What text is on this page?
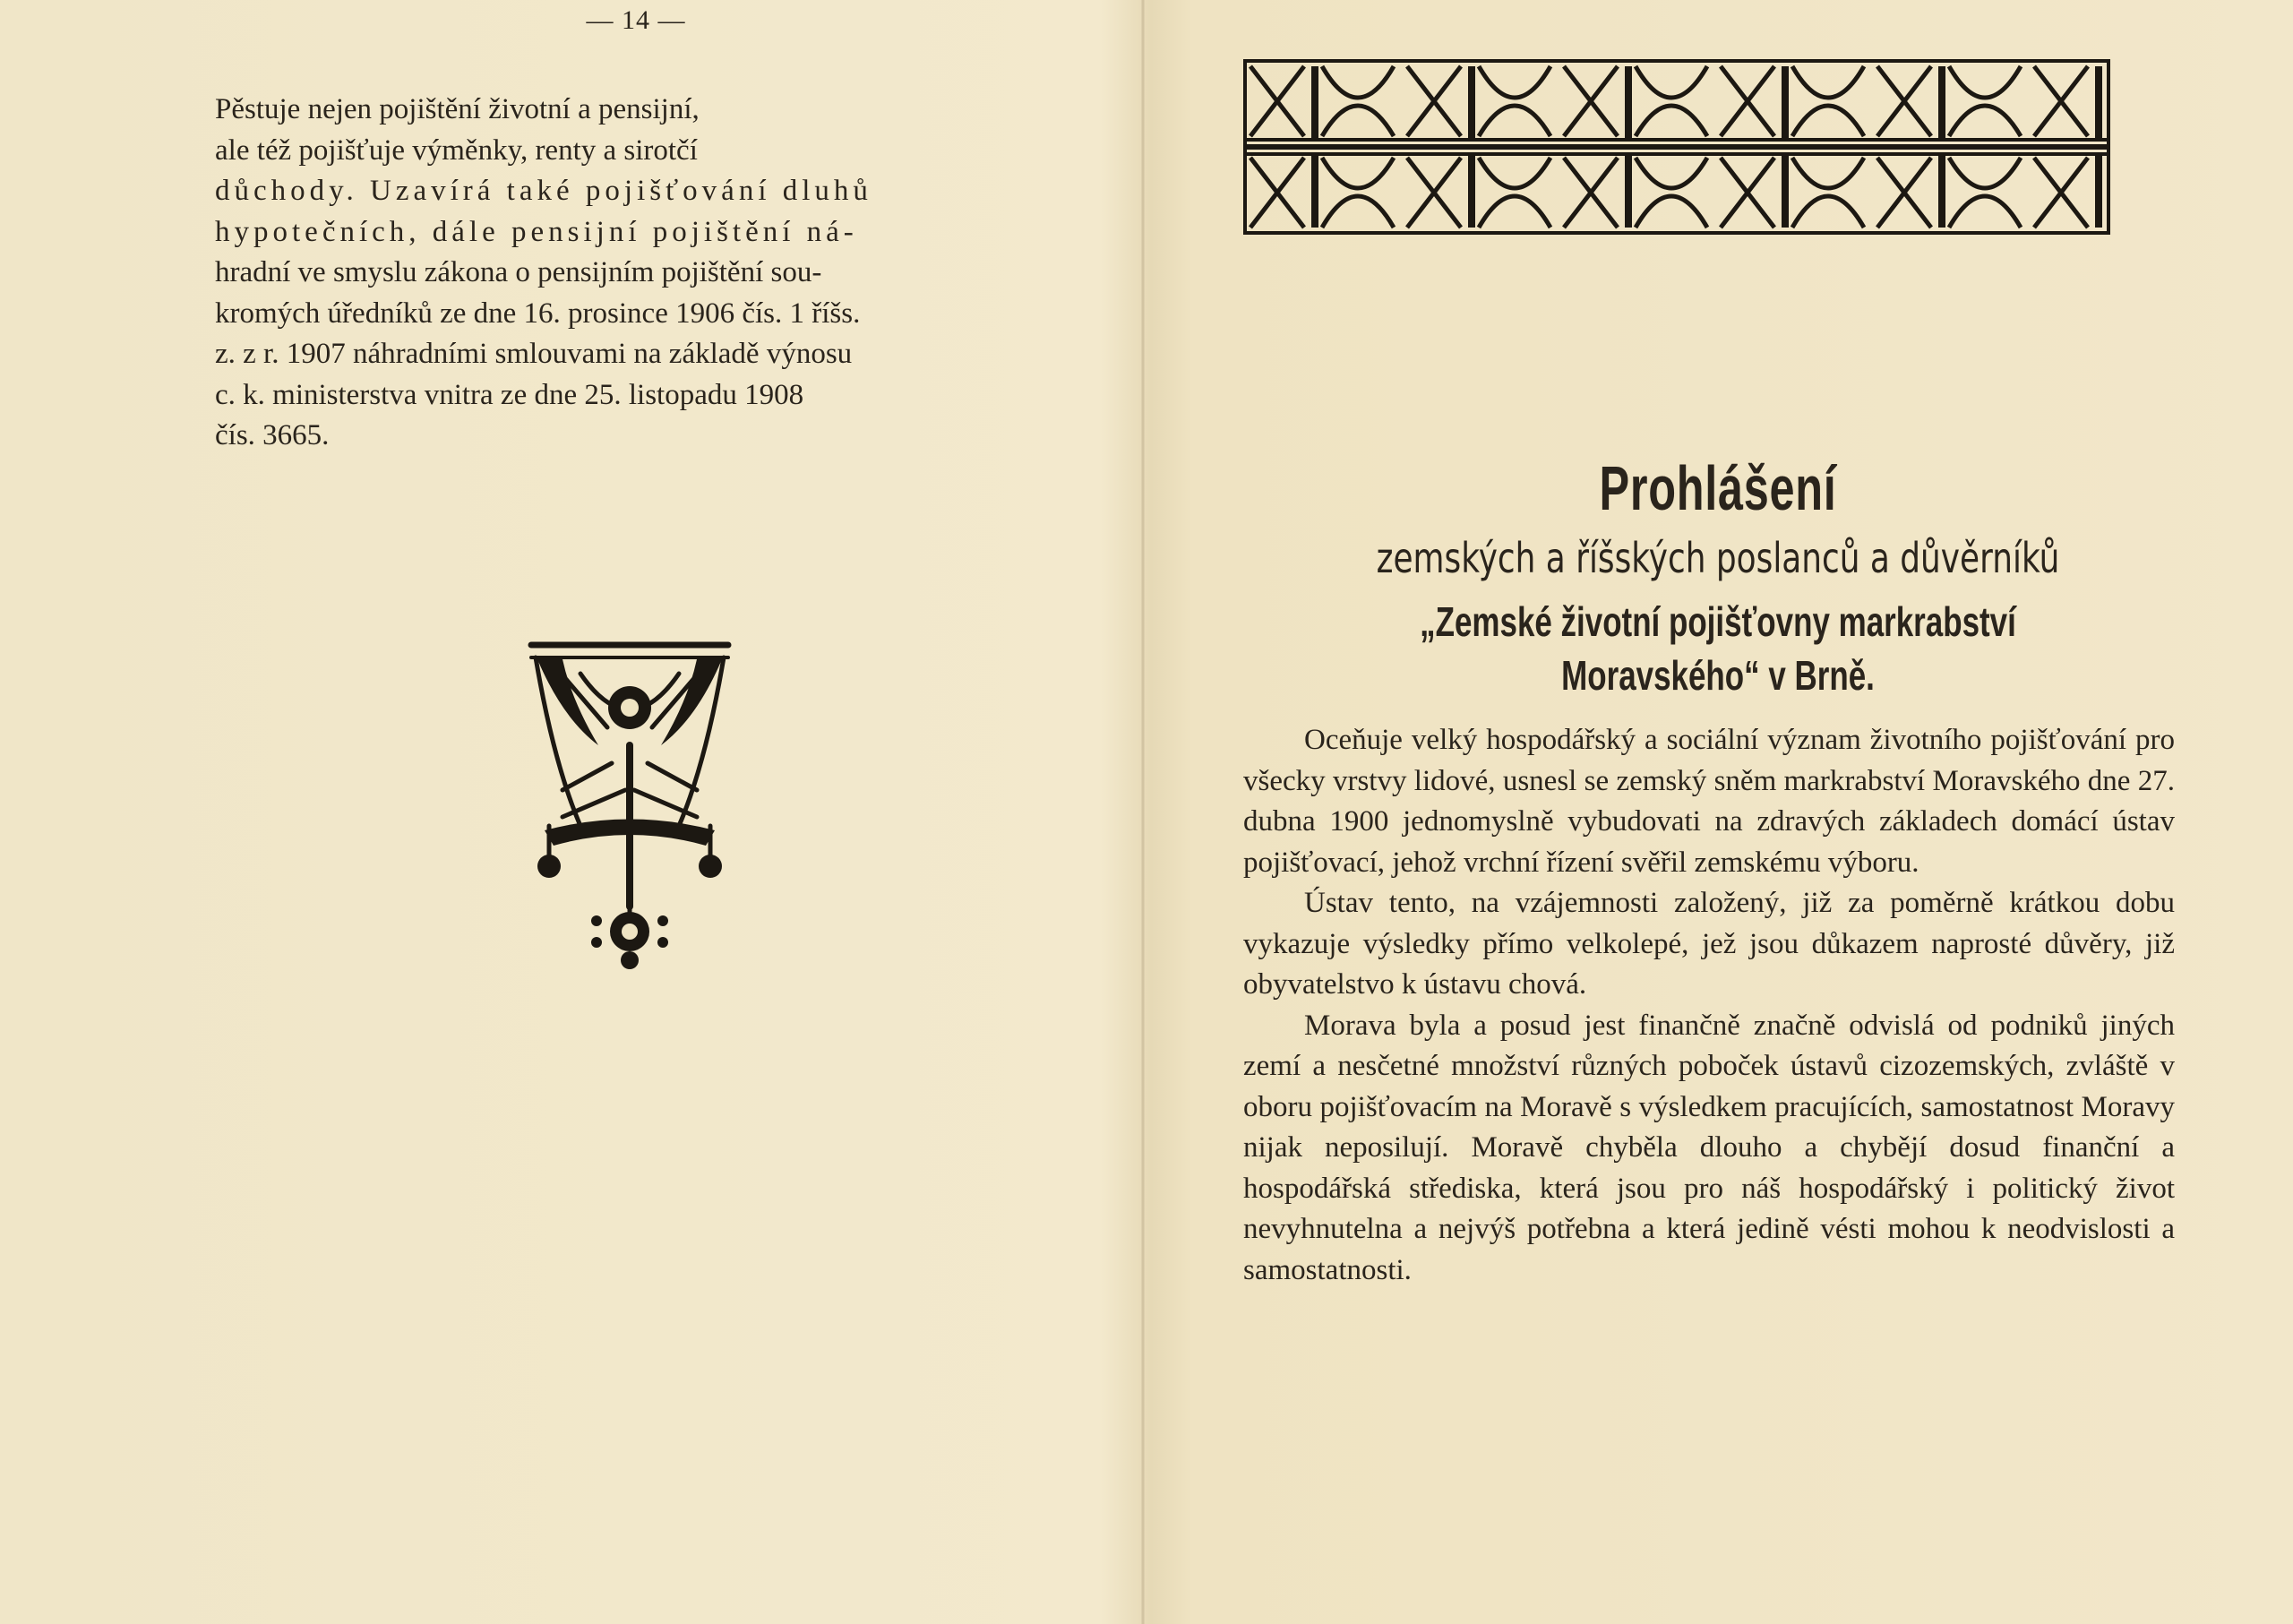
— 14 —
Pěstuje nejen pojištění životní a pensijní,
ale též pojišťuje výměnky, renty a sirotčí
důchody. Uzavírá také pojišťování dluhů
hypotečních, dále pensijní pojištění ná-
hradní ve smyslu zákona o pensijním pojištění sou-
kromých úředníků ze dne 16. prosince 1906 čís. 1 říšs.
z. z r. 1907 náhradními smlouvami na základě výnosu
c. k. ministerstva vnitra ze dne 25. listopadu 1908
čís. 3665.
Prohlášení
zemských a říšských poslanců a důvěrníků
„Zemské životní pojišťovny markrabství Moravského“ v Brně.

Oceňuje velký hospodářský a sociální význam životního pojišťování pro všecky vrstvy lidové, usnesl se zemský sněm markrabství Moravského dne 27. dubna 1900 jednomyslně vybudovati na zdravých základech domácí ústav pojišťovací, jehož vrchní řízení svěřil zemskému výboru.

Ústav tento, na vzájemnosti založený, již za poměrně krátkou dobu vykazuje výsledky přímo velkolepé, jež jsou důkazem naprosté důvěry, již obyvatelstvo k ústavu chová.

Morava byla a posud jest finančně značně odvislá od podniků jiných zemí a nesčetné množství různých poboček ústavů cizozemských, zvláště v oboru pojišťovacím na Moravě s výsledkem pracujících, samostatnost Moravy nijak neposilují. Moravě chyběla dlouho a chybějí dosud finanční a hospodářská střediska, která jsou pro náš hospodářský i politický život nevyhnutelna a nejvýš potřebna a která jedině vésti mohou k neodvislosti a samostatnosti.
